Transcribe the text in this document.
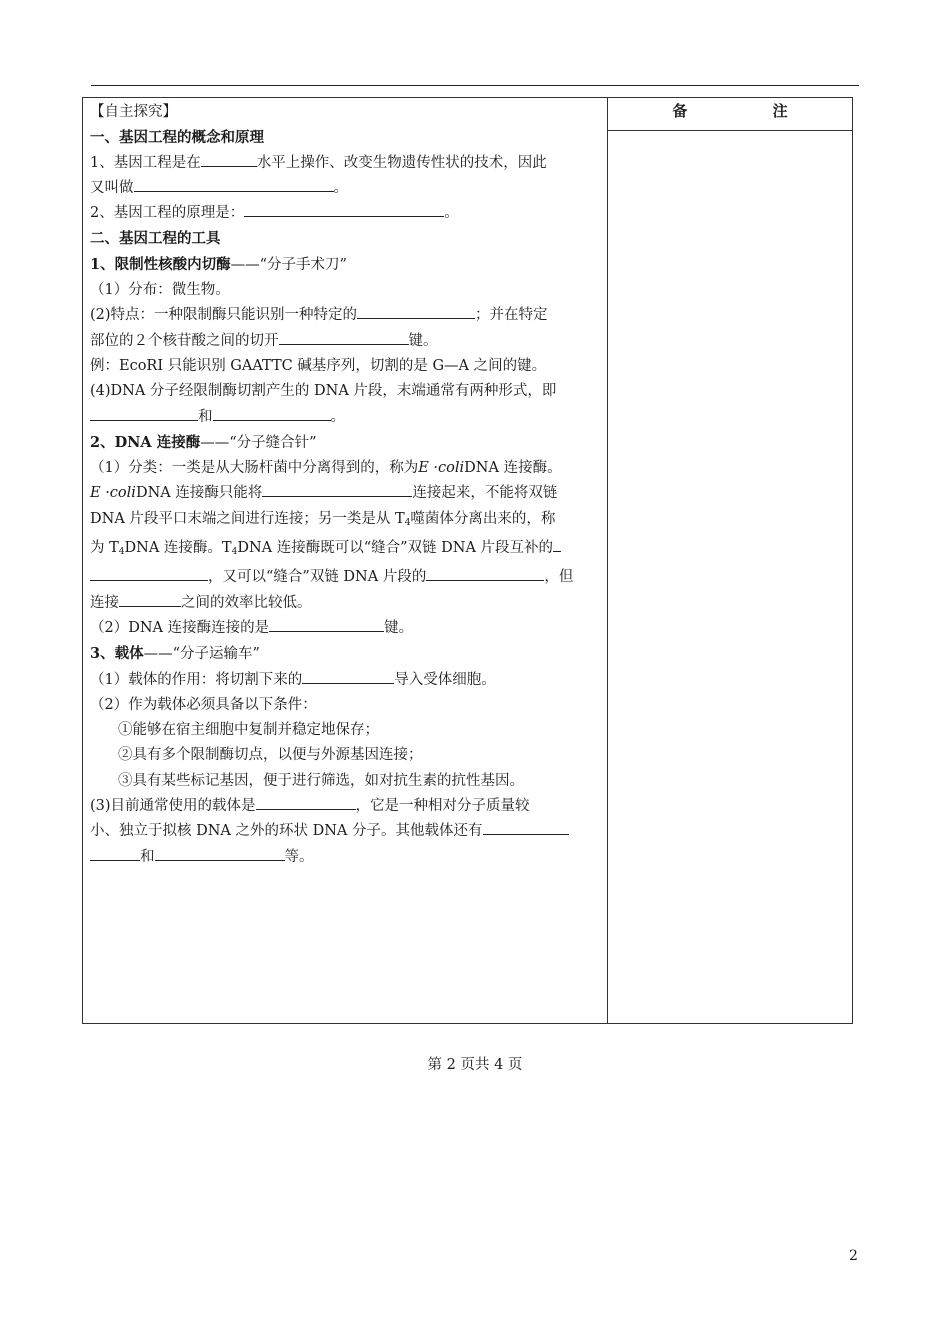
备 注

【自主探究】

一、基因工程的概念和原理

1、基因工程是在	水平上操作、改变生物遗传性状的技术，因此

又叫做	。

2、基因工程的原理是：	。

二、基因工程的工具

1、限制性核酸内切酶——“分子手术刀”

（1）分布：微生物。

(2)特点：一种限制酶只能识别一种特定的	；并在特定

部位的２个核苷酸之间的切开	键。

例：EcoRI 只能识别 GAATTC 碱基序列，切割的是 G—A 之间的键。

(4)DNA 分子经限制酶切割产生的 DNA 片段，末端通常有两种形式，即

和	。

2、DNA 连接酶——“分子缝合针”

（1）分类：一类是从大肠杆菌中分离得到的，称为E ·coliDNA 连接酶。

E ·coliDNA 连接酶只能将	连接起来，不能将双链

DNA 片段平口末端之间进行连接；另一类是从 $T_4$噬菌体分离出来的，称

为 $T_4DNA$ 连接酶。$T_4DNA$ 连接酶既可以“缝合”双链 DNA 片段互补的

，又可以“缝合”双链 DNA 片段的	，但

连接	之间的效率比较低。

（2）DNA 连接酶连接的是	键。

3、载体——“分子运输车”

（1）载体的作用：将切割下来的	导入受体细胞。

（2）作为载体必须具备以下条件：

①能够在宿主细胞中复制并稳定地保存；

②具有多个限制酶切点，以便与外源基因连接；

③具有某些标记基因，便于进行筛选，如对抗生素的抗性基因。

(3)目前通常使用的载体是	，它是一种相对分子质量较

小、独立于拟核 DNA 之外的环状 DNA 分子。其他载体还有

和	等。

第 2 页共 4 页
2
